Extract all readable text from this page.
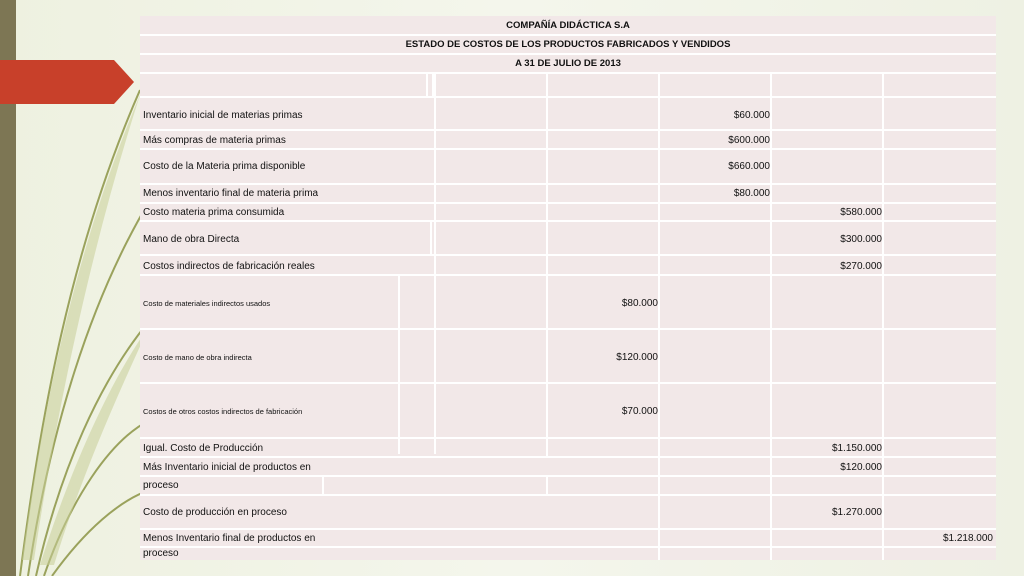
COMPAÑÍA DIDÁCTICA S.A
ESTADO DE COSTOS DE LOS PRODUCTOS FABRICADOS Y VENDIDOS
A 31 DE JULIO DE 2013
Inventario inicial de materias primas	$60.000
Más compras de materia primas	$600.000
Costo de la Materia prima disponible	$660.000
Menos inventario final de materia prima	$80.000
Costo materia prima consumida	$580.000
Mano de obra Directa	$300.000
Costos indirectos de fabricación reales	$270.000
Costo de materiales indirectos usados	$80.000
Costo de mano de obra indirecta	$120.000
Costos de otros costos indirectos de fabricación	$70.000
Igual. Costo de Producción	$1.150.000
Más Inventario inicial de productos en	$120.000
proceso
Costo de producción en proceso	$1.270.000
Menos Inventario final de productos en	$1.218.000
proceso
